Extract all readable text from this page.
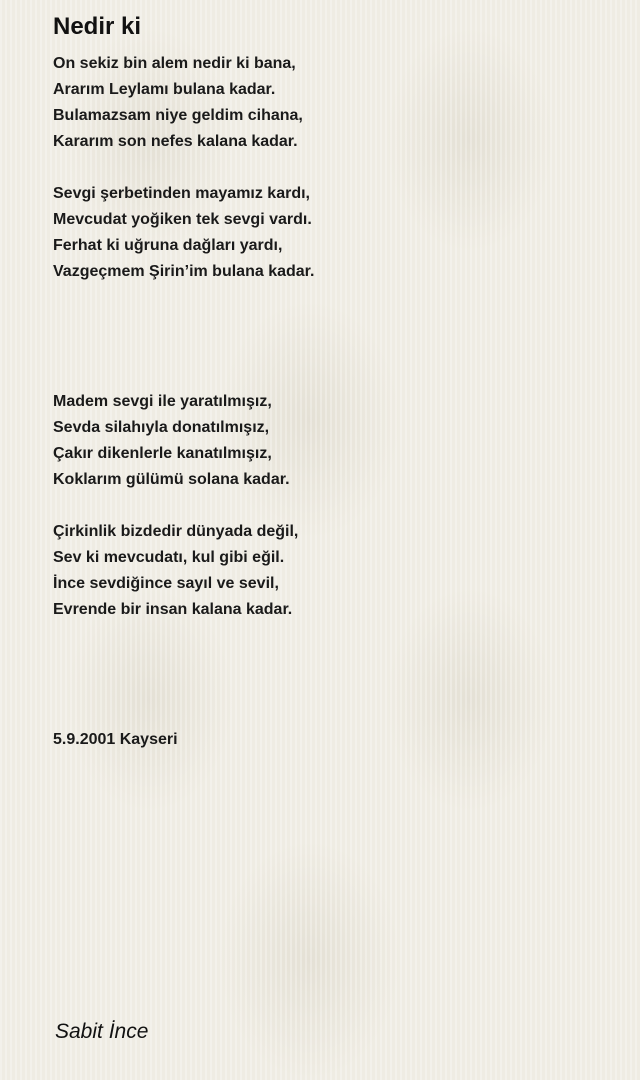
Nedir ki
On sekiz bin alem nedir ki bana,
Ararım Leylamı bulana kadar.
Bulamazsam niye geldim cihana,
Kararım son nefes kalana kadar.
Sevgi şerbetinden mayamız kardı,
Mevcudat yoğiken tek sevgi vardı.
Ferhat ki uğruna dağları yardı,
Vazgeçmem Şirin’im bulana kadar.
Madem sevgi ile yaratılmışız,
Sevda silahıyla donatılmışız,
Çakır dikenlerle kanatılmışız,
Koklarım gülümü solana kadar.
Çirkinlik bizdedir dünyada değil,
Sev ki mevcudatı, kul gibi eğil.
İnce sevdiğince sayıl ve sevil,
Evrende bir insan kalana kadar.
5.9.2001 Kayseri
Sabit İnce
